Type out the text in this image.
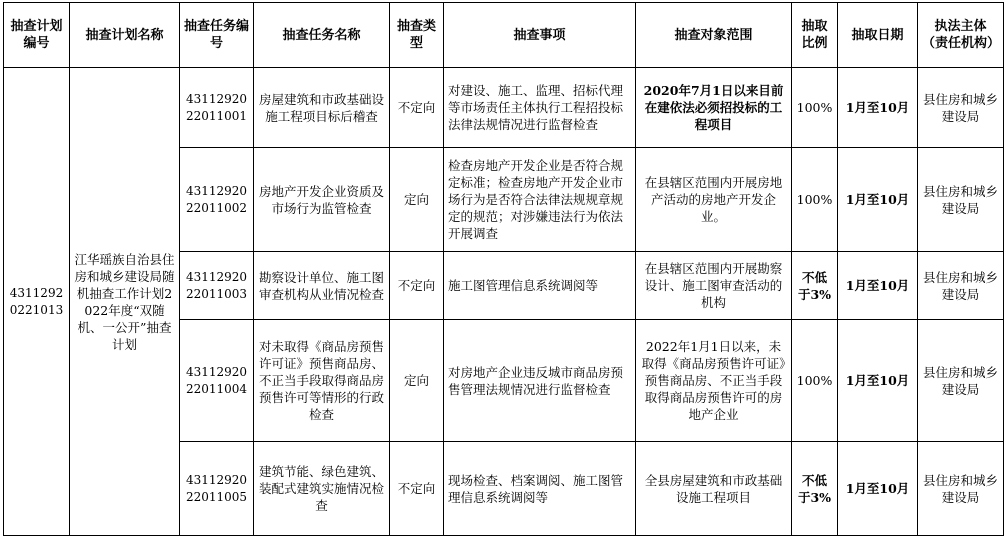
抽查计划编号	抽查计划名称	抽查任务编号	抽查任务名称	抽查类型	抽查事项	抽查对象范围	抽取比例	抽取日期	执法主体（责任机构）
43112920221013	江华瑶族自治县住房和城乡建设局随机抽查工作计划2022年度“双随机、一公开”抽查计划	4311292022011001	房屋建筑和市政基础设施工程项目标后稽查	不定向	对建设、施工、监理、招标代理等市场责任主体执行工程招投标法律法规情况进行监督检查	2020年7月1日以来目前在建依法必须招投标的工程项目	100%	1月至10月	县住房和城乡建设局
		4311292022011002	房地产开发企业资质及市场行为监管检查	定向	检查房地产开发企业是否符合规定标准；检查房地产开发企业市场行为是否符合法律法规规章规定的规范；对涉嫌违法行为依法开展调查	在县辖区范围内开展房地产活动的房地产开发企业。	100%	1月至10月	县住房和城乡建设局
		4311292022011003	勘察设计单位、施工图审查机构从业情况检查	不定向	施工图管理信息系统调阅等	在县辖区范围内开展勘察设计、施工图审查活动的机构	不低于3%	1月至10月	县住房和城乡建设局
		4311292022011004	对未取得《商品房预售许可证》预售商品房、不正当手段取得商品房预售许可等情形的行政检查	定向	对房地产企业违反城市商品房预售管理法规情况进行监督检查	2022年1月1日以来，未取得《商品房预售许可证》预售商品房、不正当手段取得商品房预售许可的房地产企业	100%	1月至10月	县住房和城乡建设局
		4311292022011005	建筑节能、绿色建筑、装配式建筑实施情况检查	不定向	现场检查、档案调阅、施工图管理信息系统调阅等	全县房屋建筑和市政基础设施工程项目	不低于3%	1月至10月	县住房和城乡建设局
